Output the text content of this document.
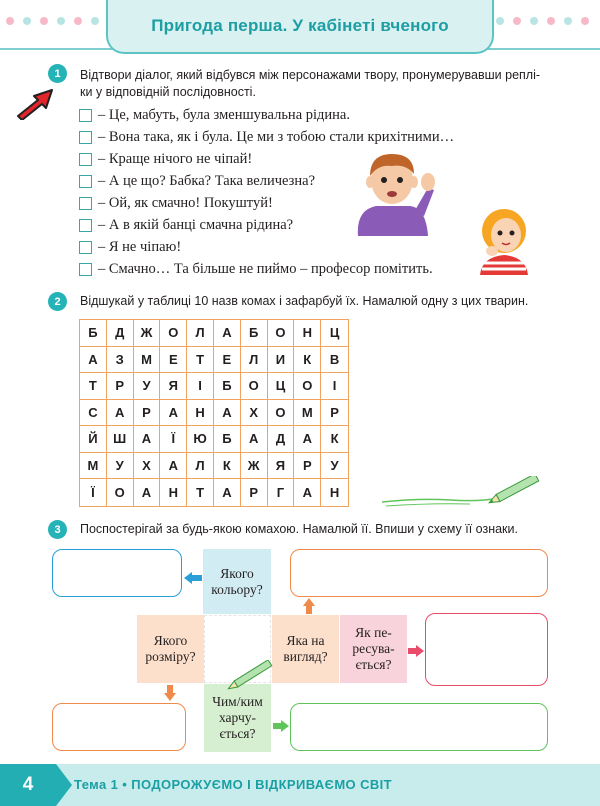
Пригода перша. У кабінеті вченого
1	Відтвори діалог, який відбувся між персонажами твору, пронумерувавши реплі-
ки у відповідній послідовності.
– Це, мабуть, була зменшувальна рідина.
– Вона така, як і була. Це ми з тобою стали крихітними…
– Краще нічого не чіпай!
– А це що? Бабка? Така величезна?
– Ой, як смачно! Покуштуй!
– А в якій банці смачна рідина?
– Я не чіпаю!
– Смачно… Та більше не пиймо – професор помітить.
2	Відшукай у таблиці 10 назв комах і зафарбуй їх. Намалюй одну з цих тварин.
Б	Д	Ж	О	Л	А	Б	О	Н	Ц
А	З	М	Е	Т	Е	Л	И	К	В
Т	Р	У	Я	І	Б	О	Ц	О	І
С	А	Р	А	Н	А	Х	О	М	Р
Й	Ш	А	Ї	Ю	Б	А	Д	А	К
М	У	Х	А	Л	К	Ж	Я	Р	У
Ї	О	А	Н	Т	А	Р	Г	А	Н
3	Поспостерігай за будь-якою комахою. Намалюй її. Впиши у схему її ознаки.
Якого
кольору?
Якого
розміру?
Яка на
вигляд?
Як пе-
ресува-
ється?
Чим/ким
харчу-
ється?
4	Тема 1 • ПОДОРОЖУЄМО І ВІДКРИВАЄМО СВІТ
